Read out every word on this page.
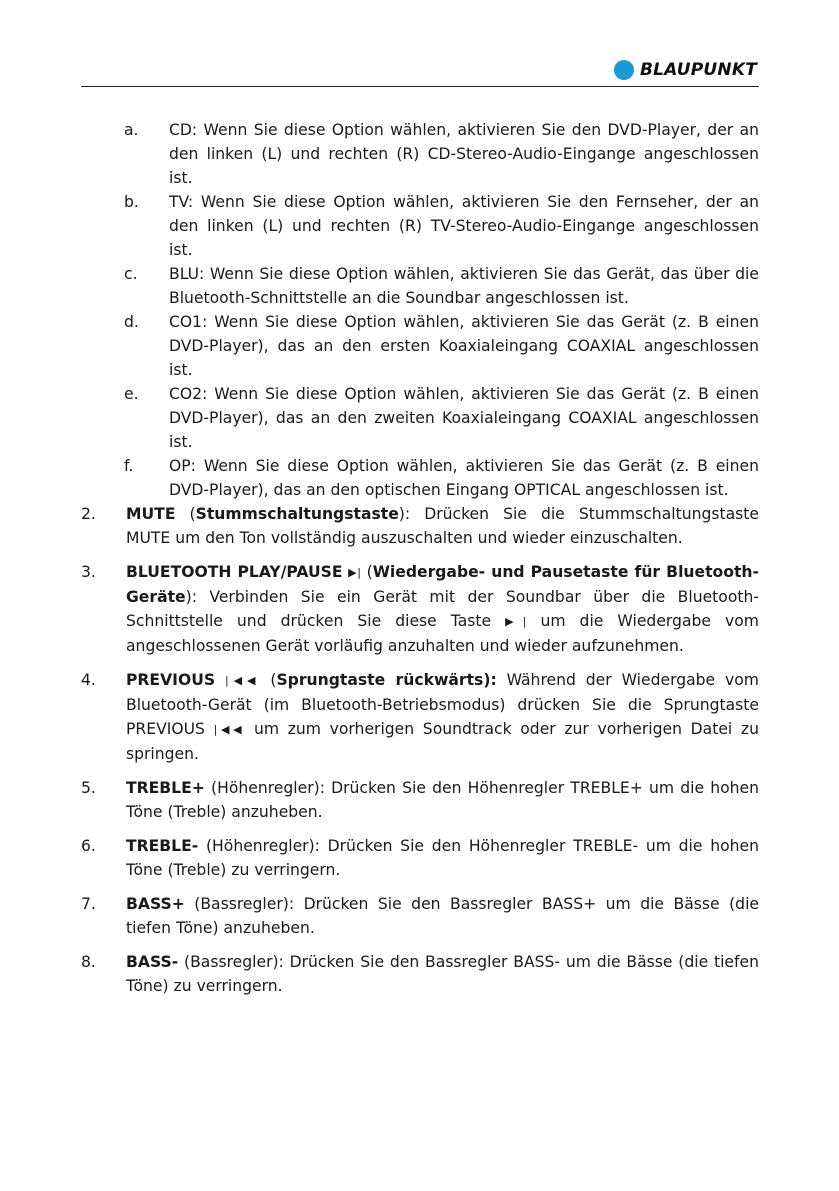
BLAUPUNKT
a.	CD: Wenn Sie diese Option wählen, aktivieren Sie den DVD-Player, der an den linken (L) und rechten (R) CD-Stereo-Audio-Eingange angeschlossen ist.
b.	TV: Wenn Sie diese Option wählen, aktivieren Sie den Fernseher, der an den linken (L) und rechten (R) TV-Stereo-Audio-Eingange angeschlossen ist.
c.	BLU: Wenn Sie diese Option wählen, aktivieren Sie das Gerät, das über die Bluetooth-Schnittstelle an die Soundbar angeschlossen ist.
d.	CO1: Wenn Sie diese Option wählen, aktivieren Sie das Gerät (z. B einen DVD-Player), das an den ersten Koaxialeingang COAXIAL angeschlossen ist.
e.	CO2: Wenn Sie diese Option wählen, aktivieren Sie das Gerät (z. B einen DVD-Player), das an den zweiten Koaxialeingang COAXIAL angeschlossen ist.
f.	OP: Wenn Sie diese Option wählen, aktivieren Sie das Gerät (z. B einen DVD-Player), das an den optischen Eingang OPTICAL angeschlossen ist.
2.	MUTE (Stummschaltungstaste): Drücken Sie die Stummschaltungstaste MUTE um den Ton vollständig auszuschalten und wieder einzuschalten.
3.	BLUETOOTH PLAY/PAUSE ▶| (Wiedergabe- und Pausetaste für Bluetooth-Geräte): Verbinden Sie ein Gerät mit der Soundbar über die Bluetooth-Schnittstelle und drücken Sie diese Taste ▶| um die Wiedergabe vom angeschlossenen Gerät vorläufig anzuhalten und wieder aufzunehmen.
4.	PREVIOUS |◀◀ (Sprungtaste rückwärts): Während der Wiedergabe vom Bluetooth-Gerät (im Bluetooth-Betriebsmodus) drücken Sie die Sprungtaste PREVIOUS |◀◀ um zum vorherigen Soundtrack oder zur vorherigen Datei zu springen.
5.	TREBLE+ (Höhenregler): Drücken Sie den Höhenregler TREBLE+ um die hohen Töne (Treble) anzuheben.
6.	TREBLE- (Höhenregler): Drücken Sie den Höhenregler TREBLE- um die hohen Töne (Treble) zu verringern.
7.	BASS+ (Bassregler): Drücken Sie den Bassregler BASS+ um die Bässe (die tiefen Töne) anzuheben.
8.	BASS- (Bassregler): Drücken Sie den Bassregler BASS- um die Bässe (die tiefen Töne) zu verringern.
